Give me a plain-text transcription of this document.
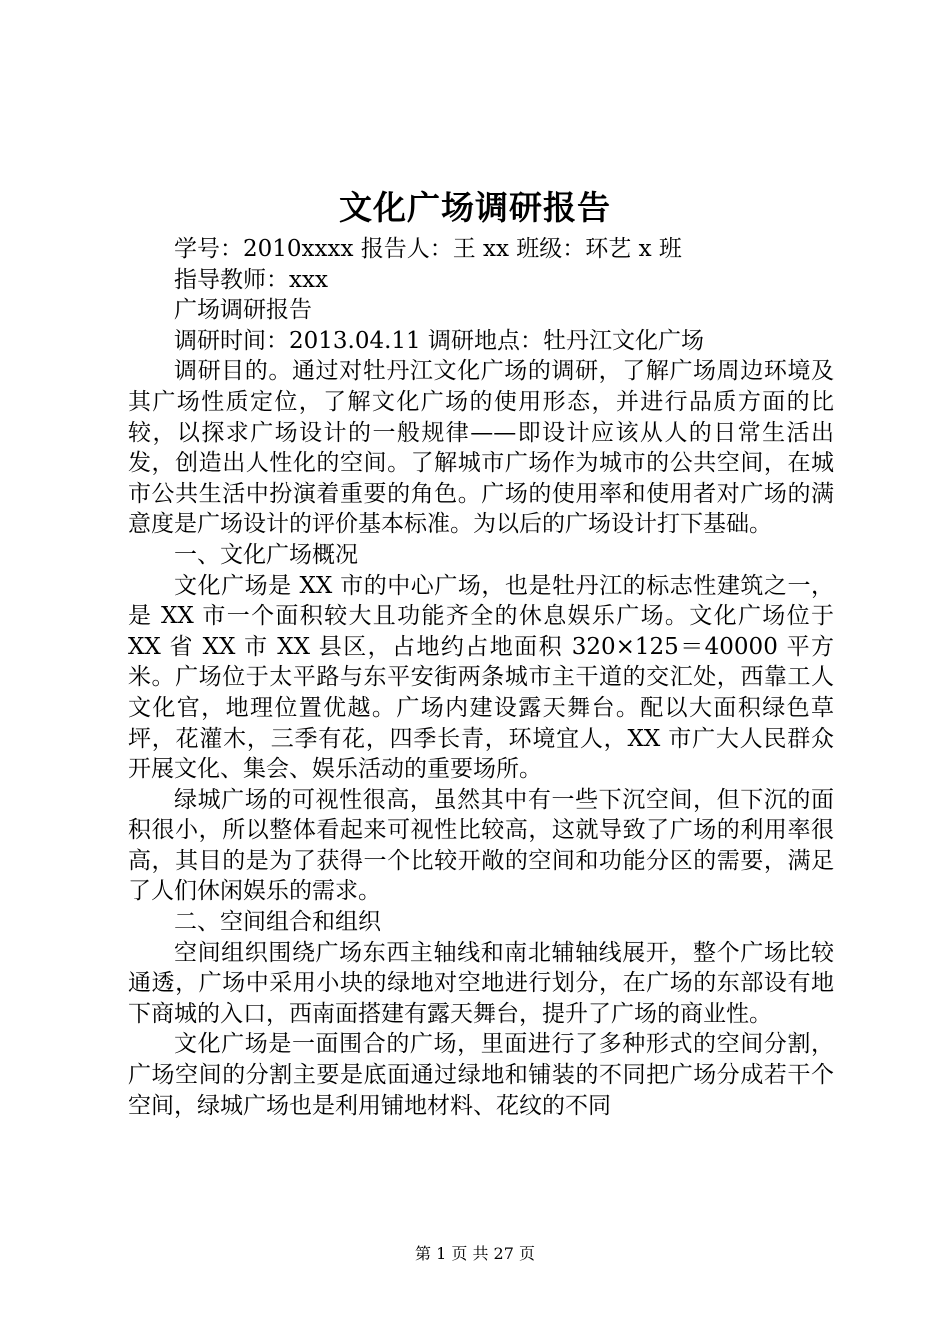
文化广场调研报告

学号：2010xxxx 报告人：王 xx 班级：环艺 x 班

指导教师：xxx

广场调研报告

调研时间：2013.04.11 调研地点：牡丹江文化广场

调研目的。通过对牡丹江文化广场的调研，了解广场周边环境及其广场性质定位，了解文化广场的使用形态，并进行品质方面的比较，以探求广场设计的一般规律——即设计应该从人的日常生活出发，创造出人性化的空间。了解城市广场作为城市的公共空间，在城市公共生活中扮演着重要的角色。广场的使用率和使用者对广场的满意度是广场设计的评价基本标准。为以后的广场设计打下基础。

一、文化广场概况

文化广场是 XX 市的中心广场，也是牡丹江的标志性建筑之一，是 XX 市一个面积较大且功能齐全的休息娱乐广场。文化广场位于 XX 省 XX 市 XX 县区，占地约占地面积 320×125＝40000 平方米。广场位于太平路与东平安街两条城市主干道的交汇处，西靠工人文化官，地理位置优越。广场内建设露天舞台。配以大面积绿色草坪，花灌木，三季有花，四季长青，环境宜人，XX 市广大人民群众开展文化、集会、娱乐活动的重要场所。

绿城广场的可视性很高，虽然其中有一些下沉空间，但下沉的面积很小，所以整体看起来可视性比较高，这就导致了广场的利用率很高，其目的是为了获得一个比较开敞的空间和功能分区的需要，满足了人们休闲娱乐的需求。

二、空间组合和组织

空间组织围绕广场东西主轴线和南北辅轴线展开，整个广场比较通透，广场中采用小块的绿地对空地进行划分，在广场的东部设有地下商城的入口，西南面搭建有露天舞台，提升了广场的商业性。

文化广场是一面围合的广场，里面进行了多种形式的空间分割，广场空间的分割主要是底面通过绿地和铺装的不同把广场分成若干个空间，绿城广场也是利用铺地材料、花纹的不同

第 1 页 共 27 页
